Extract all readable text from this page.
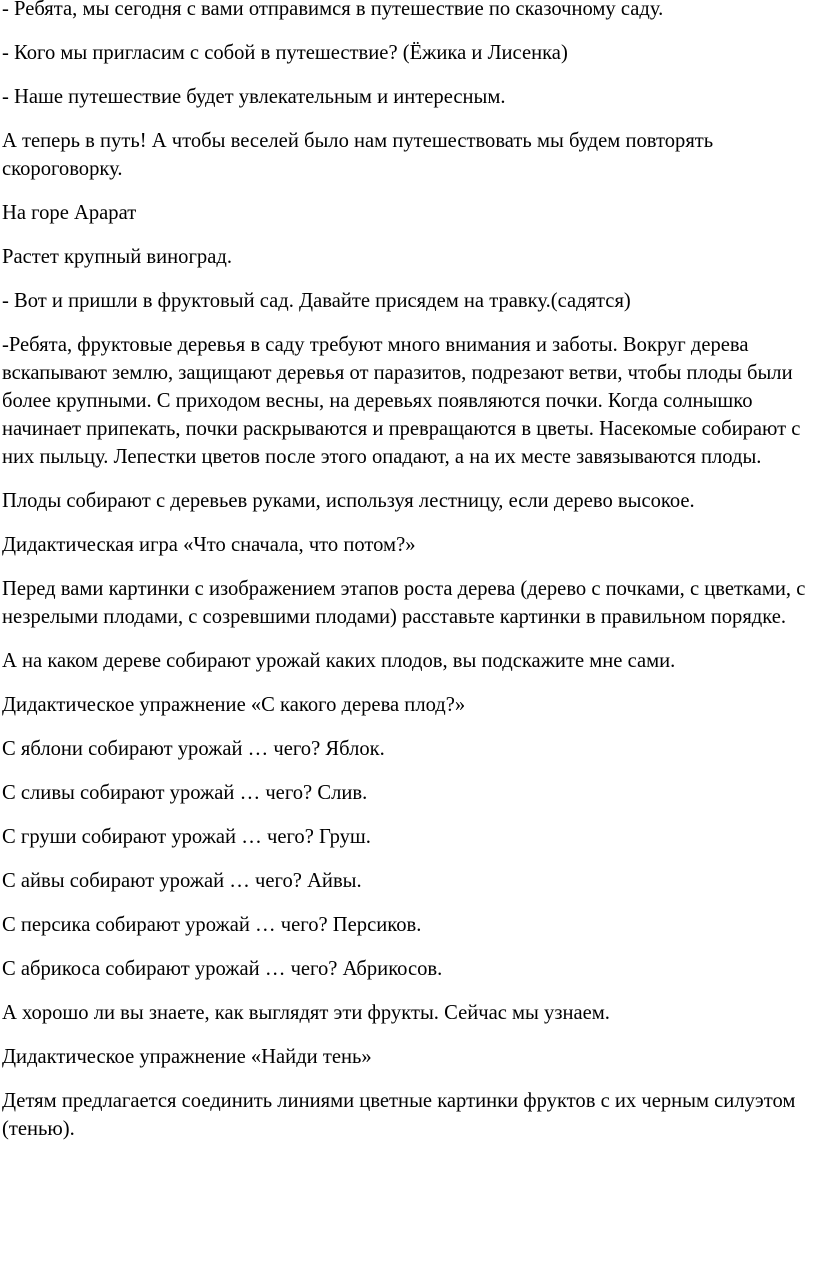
- Ребята, мы сегодня с вами отправимся в путешествие по сказочному саду.

- Кого мы пригласим с собой в путешествие? (Ёжика и Лисенка)

- Наше путешествие будет увлекательным и интересным.

А теперь в путь! А чтобы веселей было нам путешествовать мы будем повторять скороговорку.

На горе Арарат

Растет крупный виноград.

- Вот и пришли в фруктовый сад. Давайте присядем на травку.(садятся)

-Ребята, фруктовые деревья в саду требуют много внимания и заботы. Вокруг дерева вскапывают землю, защищают деревья от паразитов, подрезают ветви, чтобы плоды были более крупными. С приходом весны, на деревьях появляются почки. Когда солнышко начинает припекать, почки раскрываются и превращаются в цветы. Насекомые собирают с них пыльцу. Лепестки цветов после этого опадают, а на их месте завязываются плоды.

Плоды собирают с деревьев руками, используя лестницу, если дерево высокое.

Дидактическая игра «Что сначала, что потом?»

Перед вами картинки с изображением этапов роста дерева (дерево с почками, с цветками, с незрелыми плодами, с созревшими плодами) расставьте картинки в правильном порядке.

А на каком дереве собирают урожай каких плодов, вы подскажите мне сами.

Дидактическое упражнение «С какого дерева плод?»

С яблони собирают урожай … чего? Яблок.

С сливы собирают урожай … чего? Слив.

С груши собирают урожай … чего? Груш.

С айвы собирают урожай … чего? Айвы.

С персика собирают урожай … чего? Персиков.

С абрикоса собирают урожай … чего? Абрикосов.

А хорошо ли вы знаете, как выглядят эти фрукты. Сейчас мы узнаем.

Дидактическое упражнение «Найди тень»

Детям предлагается соединить линиями цветные картинки фруктов с их черным силуэтом (тенью).
